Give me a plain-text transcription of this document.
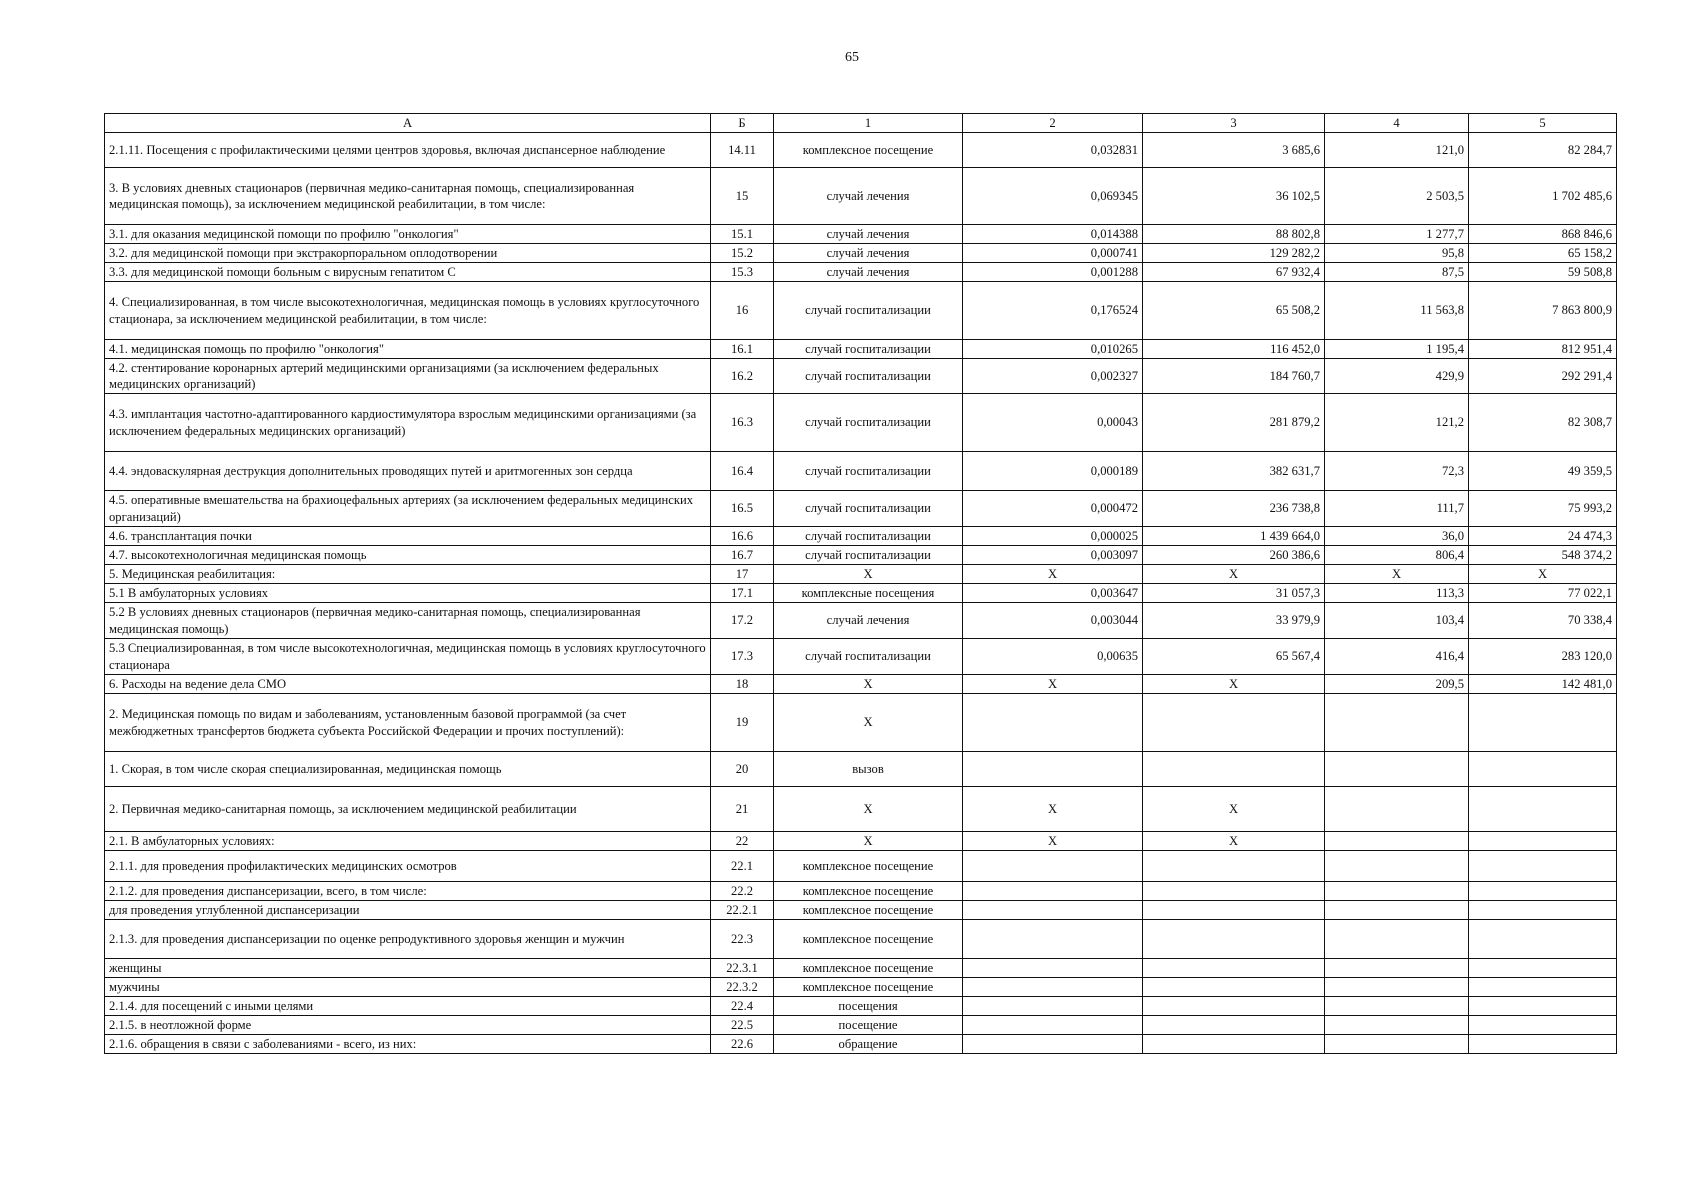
65
А	Б	1	2	3	4	5
2.1.11. Посещения с профилактическими целями центров здоровья, включая диспансерное наблюдение	14.11	комплексное посещение	0,032831	3 685,6	121,0	82 284,7
3. В условиях дневных стационаров (первичная медико-санитарная помощь, специализированная медицинская помощь), за исключением медицинской реабилитации, в том числе:	15	случай лечения	0,069345	36 102,5	2 503,5	1 702 485,6
3.1. для оказания медицинской помощи по профилю "онкология"	15.1	случай лечения	0,014388	88 802,8	1 277,7	868 846,6
3.2. для медицинской помощи при экстракорпоральном оплодотворении	15.2	случай лечения	0,000741	129 282,2	95,8	65 158,2
3.3. для медицинской помощи больным с вирусным гепатитом С	15.3	случай лечения	0,001288	67 932,4	87,5	59 508,8
4. Специализированная, в том числе высокотехнологичная, медицинская помощь в условиях круглосуточного стационара, за исключением медицинской реабилитации, в том числе:	16	случай госпитализации	0,176524	65 508,2	11 563,8	7 863 800,9
4.1. медицинская помощь по профилю "онкология"	16.1	случай госпитализации	0,010265	116 452,0	1 195,4	812 951,4
4.2. стентирование коронарных артерий медицинскими организациями (за исключением федеральных медицинских организаций)	16.2	случай госпитализации	0,002327	184 760,7	429,9	292 291,4
4.3. имплантация частотно-адаптированного кардиостимулятора взрослым медицинскими организациями (за исключением федеральных медицинских организаций)	16.3	случай госпитализации	0,00043	281 879,2	121,2	82 308,7
4.4. эндоваскулярная деструкция дополнительных проводящих путей и аритмогенных зон сердца	16.4	случай госпитализации	0,000189	382 631,7	72,3	49 359,5
4.5. оперативные вмешательства на брахиоцефальных артериях (за исключением федеральных медицинских организаций)	16.5	случай госпитализации	0,000472	236 738,8	111,7	75 993,2
4.6. трансплантация почки	16.6	случай госпитализации	0,000025	1 439 664,0	36,0	24 474,3
4.7. высокотехнологичная медицинская помощь	16.7	случай госпитализации	0,003097	260 386,6	806,4	548 374,2
5. Медицинская реабилитация:	17	X	X	X	X	X
5.1 В амбулаторных условиях	17.1	комплексные посещения	0,003647	31 057,3	113,3	77 022,1
5.2 В условиях дневных стационаров (первичная медико-санитарная помощь, специализированная медицинская помощь)	17.2	случай лечения	0,003044	33 979,9	103,4	70 338,4
5.3 Специализированная, в том числе высокотехнологичная, медицинская помощь в условиях круглосуточного стационара	17.3	случай госпитализации	0,00635	65 567,4	416,4	283 120,0
6. Расходы на ведение дела СМО	18	X	X	X	209,5	142 481,0
2. Медицинская помощь по видам и заболеваниям, установленным базовой программой (за счет межбюджетных трансфертов бюджета субъекта Российской Федерации и прочих поступлений):	19	X				
1. Скорая, в том числе скорая специализированная, медицинская помощь	20	вызов				
2. Первичная медико-санитарная помощь, за исключением медицинской реабилитации	21	X	X	X		
2.1. В амбулаторных условиях:	22	X	X	X		
2.1.1. для проведения профилактических медицинских осмотров	22.1	комплексное посещение				
2.1.2. для проведения диспансеризации, всего, в том числе:	22.2	комплексное посещение				
для проведения углубленной диспансеризации	22.2.1	комплексное посещение				
2.1.3. для проведения диспансеризации по оценке репродуктивного здоровья женщин и мужчин	22.3	комплексное посещение				
женщины	22.3.1	комплексное посещение				
мужчины	22.3.2	комплексное посещение				
2.1.4. для посещений с иными целями	22.4	посещения				
2.1.5. в неотложной форме	22.5	посещение				
2.1.6. обращения в связи с заболеваниями - всего, из них:	22.6	обращение				
